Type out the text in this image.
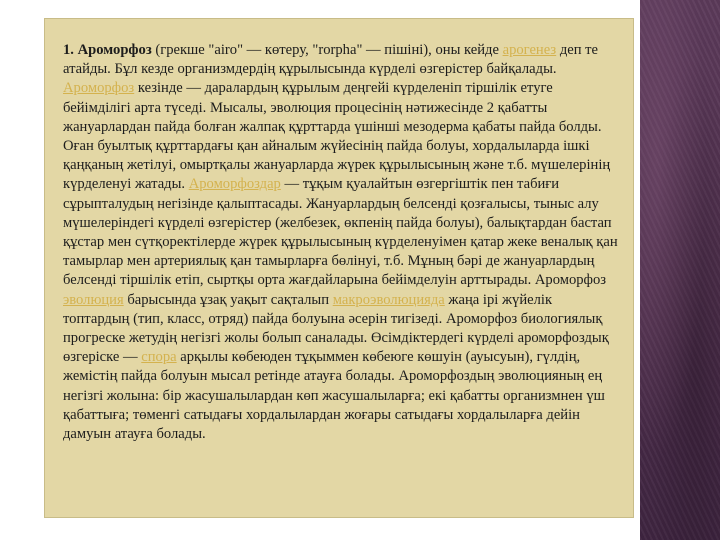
1. Ароморфоз (грекше "airo" — көтеру, "rorpha" — пішіні), оны кейде арогенез деп те атайды. Бұл кезде организмдердің құрылысында күрделі өзгерістер байқалады. Ароморфоз кезінде — даралардың құрылым деңгейі күрделеніп тіршілік етуге бейімділігі арта түседі. Мысалы, эволюция процесінің нәтижесінде 2 қабатты жануарлардан пайда болған жалпақ құрттарда үшінші мезодерма қабаты пайда болды. Оған буылтық құрттардағы қан айналым жүйесінің пайда болуы, хордалыларда ішкі қаңқаның жетілуі, омыртқалы жануарларда жүрек құрылысының және т.б. мүшелерінің күрделенуі жатады. Ароморфоздар — тұқым қуалайтын өзгергіштік пен табиғи сұрыпталудың негізінде қалыптасады. Жануарлардың белсенді қозғалысы, тыныс алу мүшелеріндегі күрделі өзгерістер (желбезек, өкпенің пайда болуы), балықтардан бастап құстар мен сүтқоректілерде жүрек құрылысының күрделенуімен қатар жеке веналық қан тамырлар мен артериялық қан тамырларға бөлінуі, т.б. Мұның бәрі де жануарлардың белсенді тіршілік етіп, сыртқы орта жағдайларына бейімделуін арттырады. Ароморфоз эволюция барысында ұзақ уақыт сақталып макроэволюцияда жаңа ірі жүйелік топтардың (тип, класс, отряд) пайда болуына әсерін тигізеді. Ароморфоз биологиялық прогреске жетудің негізгі жолы болып саналады. Өсімдіктердегі күрделі ароморфоздық өзгеріске — спора арқылы көбеюден тұқыммен көбеюге көшуін (ауысуын), гүлдің, жемістің пайда болуын мысал ретінде атауға болады. Ароморфоздың эволюцияның ең негізгі жолына: бір жасушалылардан көп жасушалыларға; екі қабатты организмнен үш қабаттыға; төменгі сатыдағы хордалылардан жоғары сатыдағы хордалыларға дейін дамуын атауға болады.
